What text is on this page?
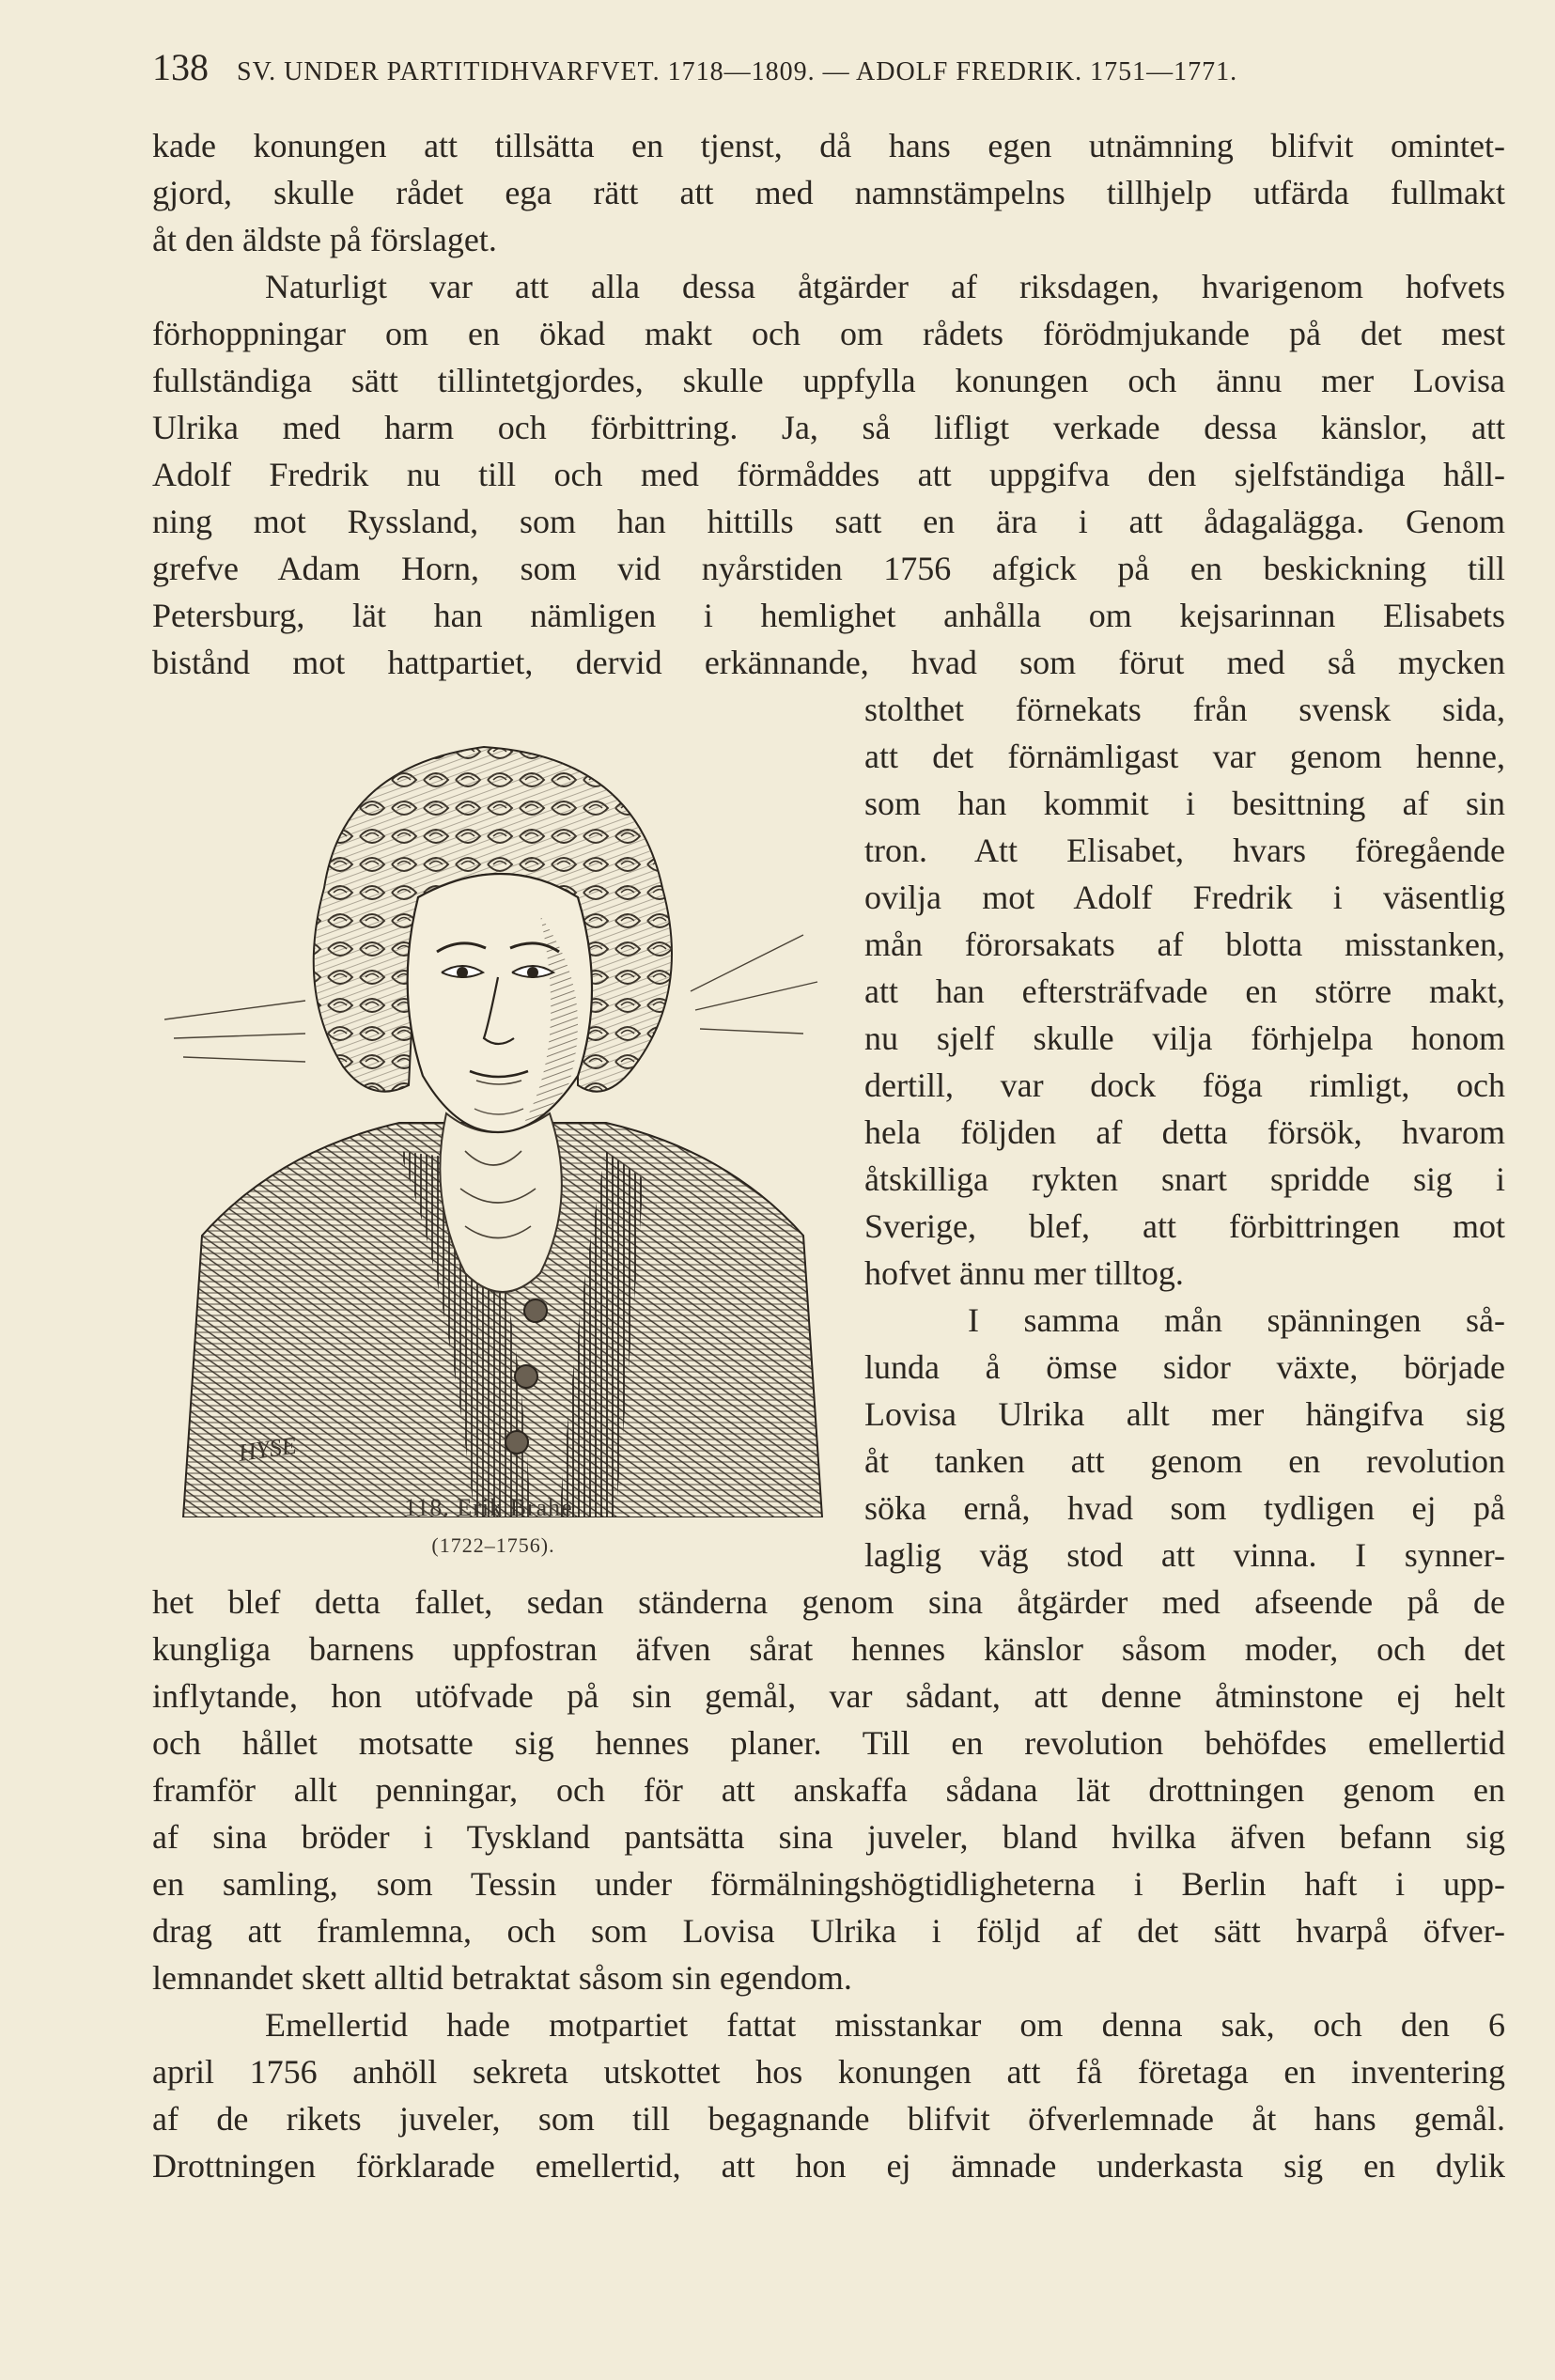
138 SV. UNDER PARTITIDHVARFVET. 1718—1809. — ADOLF FREDRIK. 1751—1771.
kade konungen att tillsätta en tjenst, då hans egen utnämning blifvit omintet-
gjord, skulle rådet ega rätt att med namnstämpelns tillhjelp utfärda fullmakt
åt den äldste på förslaget.
Naturligt var att alla dessa åtgärder af riksdagen, hvarigenom hofvets
förhoppningar om en ökad makt och om rådets förödmjukande på det mest
fullständiga sätt tillintetgjordes, skulle uppfylla konungen och ännu mer Lovisa
Ulrika med harm och förbittring. Ja, så lifligt verkade dessa känslor, att
Adolf Fredrik nu till och med förmåddes att uppgifva den sjelfständiga håll-
ning mot Ryssland, som han hittills satt en ära i att ådagalägga. Genom
grefve Adam Horn, som vid nyårstiden 1756 afgick på en beskickning till
Petersburg, lät han nämligen i hemlighet anhålla om kejsarinnan Elisabets
bistånd mot hattpartiet, dervid erkännande, hvad som förut med så mycken
HYSE
118. Erik Brahe
(1722–1756).
stolthet förnekats från svensk sida,
att det förnämligast var genom henne,
som han kommit i besittning af sin
tron. Att Elisabet, hvars föregående
ovilja mot Adolf Fredrik i väsentlig
mån förorsakats af blotta misstanken,
att han eftersträfvade en större makt,
nu sjelf skulle vilja förhjelpa honom
dertill, var dock föga rimligt, och
hela följden af detta försök, hvarom
åtskilliga rykten snart spridde sig i
Sverige, blef, att förbittringen mot
hofvet ännu mer tilltog.
I samma mån spänningen så-
lunda å ömse sidor växte, började
Lovisa Ulrika allt mer hängifva sig
åt tanken att genom en revolution
söka ernå, hvad som tydligen ej på
laglig väg stod att vinna. I synner-
het blef detta fallet, sedan ständerna genom sina åtgärder med afseende på de
kungliga barnens uppfostran äfven sårat hennes känslor såsom moder, och det
inflytande, hon utöfvade på sin gemål, var sådant, att denne åtminstone ej helt
och hållet motsatte sig hennes planer. Till en revolution behöfdes emellertid
framför allt penningar, och för att anskaffa sådana lät drottningen genom en
af sina bröder i Tyskland pantsätta sina juveler, bland hvilka äfven befann sig
en samling, som Tessin under förmälningshögtidligheterna i Berlin haft i upp-
drag att framlemna, och som Lovisa Ulrika i följd af det sätt hvarpå öfver-
lemnandet skett alltid betraktat såsom sin egendom.
Emellertid hade motpartiet fattat misstankar om denna sak, och den 6
april 1756 anhöll sekreta utskottet hos konungen att få företaga en inventering
af de rikets juveler, som till begagnande blifvit öfverlemnade åt hans gemål.
Drottningen förklarade emellertid, att hon ej ämnade underkasta sig en dylik
